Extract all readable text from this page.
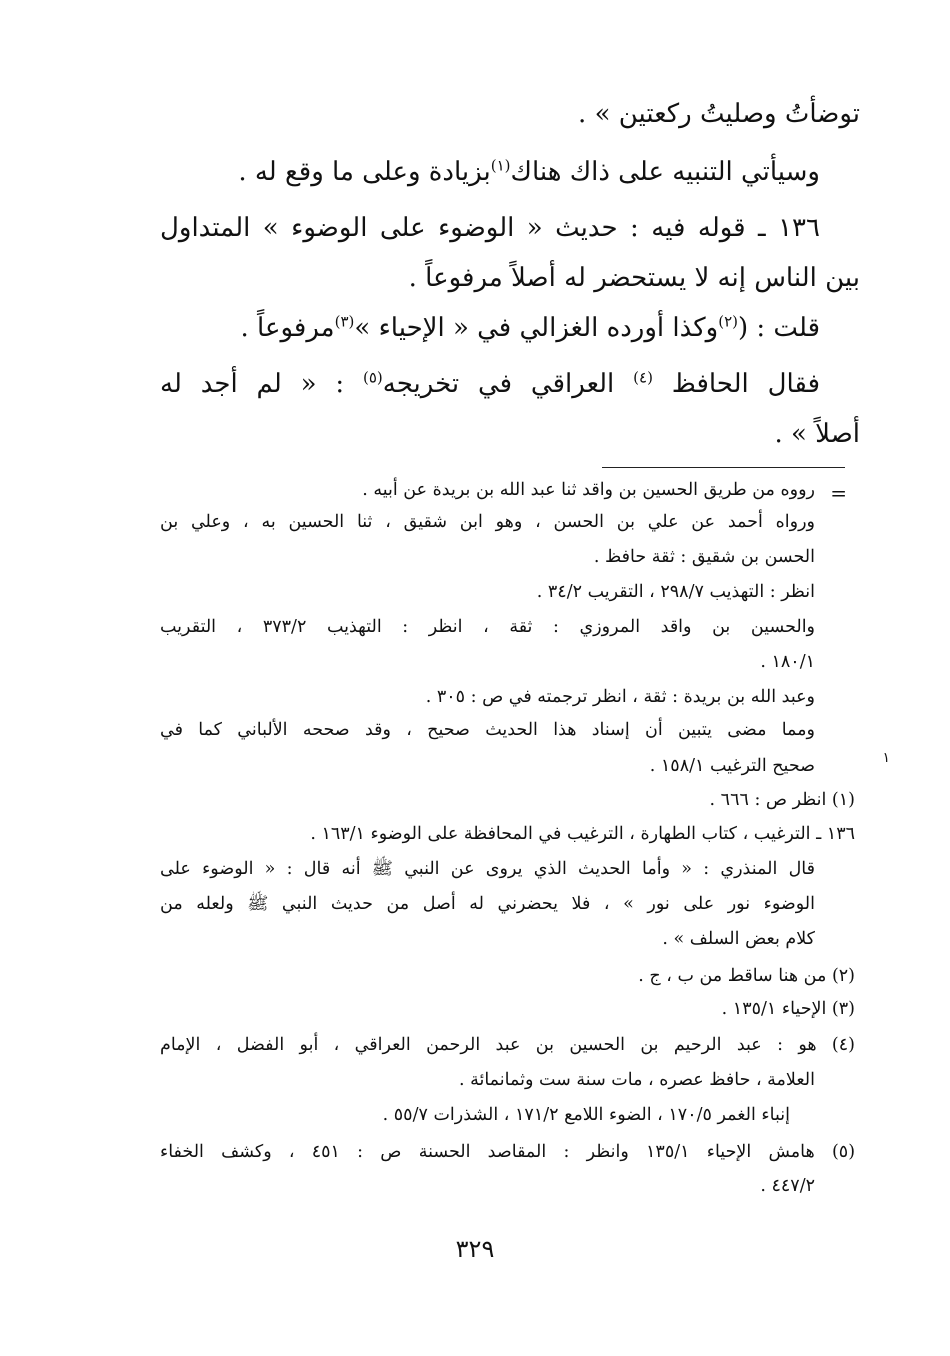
توضأتُ وصليتُ ركعتين » .
وسيأتي التنبيه على ذاك هناك$^{(١)}$بزيادة وعلى ما وقع له .
١٣٦ ـ قوله فيه : حديث « الوضوء على الوضوء » المتداول
بين الناس إنه لا يستحضر له أصلاً مرفوعاً .
قلت : ($^{(٢)}$وكذا أورده الغزالي في « الإحياء »$^{(٣)}$مرفوعاً .
فقال الحافظ $^{(٤)}$ العراقي في تخريجه$^{(٥)}$ : « لم أجد له
أصلاً » .
=
١
رووه من طريق الحسين بن واقد ثنا عبد الله بن بريدة عن أبيه .
ورواه أحمد عن علي بن الحسن ، وهو ابن شقيق ، ثنا الحسين به ، وعلي بن
الحسن بن شقيق : ثقة حافظ .
انظر : التهذيب ٢٩٨/٧ ، التقريب ٣٤/٢ .
والحسين بن واقد المروزي : ثقة ، انظر : التهذيب ٣٧٣/٢ ، التقريب
١٨٠/١ .
وعبد الله بن بريدة : ثقة ، انظر ترجمته في ص : ٣٠٥ .
ومما مضى يتبين أن إسناد هذا الحديث صحيح ، وقد صححه الألباني كما في
صحيح الترغيب ١٥٨/١ .
(١) انظر ص : ٦٦٦ .
١٣٦ ـ الترغيب ، كتاب الطهارة ، الترغيب في المحافظة على الوضوء ١٦٣/١ .
قال المنذري : « وأما الحديث الذي يروى عن النبي ﷺ أنه قال : « الوضوء على
الوضوء نور على نور » ، فلا يحضرني له أصل من حديث النبي ﷺ ولعله من
كلام بعض السلف » .
(٢) من هنا ساقط من ب ، ج .
(٣) الإحياء ١٣٥/١ .
(٤) هو : عبد الرحيم بن الحسين بن عبد الرحمن العراقي ، أبو الفضل ، الإمام
العلامة ، حافظ عصره ، مات سنة ست وثمانمائة .
إنباء الغمر ١٧٠/٥ ، الضوء اللامع ١٧١/٢ ، الشذرات ٥٥/٧ .
(٥) هامش الإحياء ١٣٥/١ وانظر : المقاصد الحسنة ص : ٤٥١ ، وكشف الخفاء
٤٤٧/٢ .
٣٢٩
